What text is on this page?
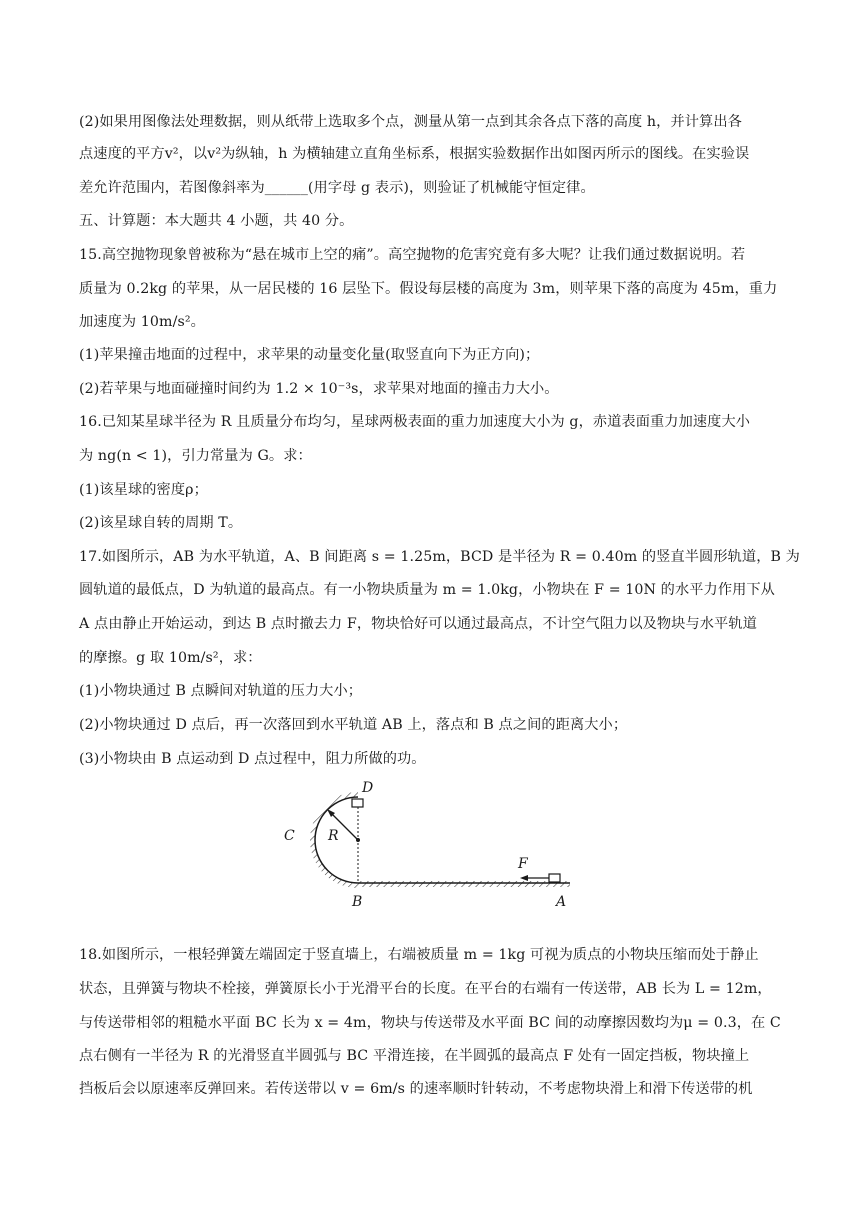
(2)如果用图像法处理数据，则从纸带上选取多个点，测量从第一点到其余各点下落的高度 h，并计算出各
点速度的平方v²，以v²为纵轴，h 为横轴建立直角坐标系，根据实验数据作出如图丙所示的图线。在实验误
差允许范围内，若图像斜率为______(用字母 g 表示)，则验证了机械能守恒定律。
五、计算题：本大题共 4 小题，共 40 分。
15.高空抛物现象曾被称为“悬在城市上空的痛”。高空抛物的危害究竟有多大呢？让我们通过数据说明。若
质量为 0.2kg 的苹果，从一居民楼的 16 层坠下。假设每层楼的高度为 3m，则苹果下落的高度为 45m，重力
加速度为 10m/s²。
(1)苹果撞击地面的过程中，求苹果的动量变化量(取竖直向下为正方向)；
(2)若苹果与地面碰撞时间约为 1.2 × 10⁻³s，求苹果对地面的撞击力大小。
16.已知某星球半径为 R 且质量分布均匀，星球两极表面的重力加速度大小为 g，赤道表面重力加速度大小
为 ng(n < 1)，引力常量为 G。求：
(1)该星球的密度ρ；
(2)该星球自转的周期 T。
17.如图所示，AB 为水平轨道，A、B 间距离 s = 1.25m，BCD 是半径为 R = 0.40m 的竖直半圆形轨道，B 为
圆轨道的最低点，D 为轨道的最高点。有一小物块质量为 m = 1.0kg，小物块在 F = 10N 的水平力作用下从
A 点由静止开始运动，到达 B 点时撤去力 F，物块恰好可以通过最高点，不计空气阻力以及物块与水平轨道
的摩擦。g 取 10m/s²，求：
(1)小物块通过 B 点瞬间对轨道的压力大小；
(2)小物块通过 D 点后，再一次落回到水平轨道 AB 上，落点和 B 点之间的距离大小；
(3)小物块由 B 点运动到 D 点过程中，阻力所做的功。
D
C R
F
B	A
18.如图所示，一根轻弹簧左端固定于竖直墙上，右端被质量 m = 1kg 可视为质点的小物块压缩而处于静止
状态，且弹簧与物块不栓接，弹簧原长小于光滑平台的长度。在平台的右端有一传送带，AB 长为 L = 12m，
与传送带相邻的粗糙水平面 BC 长为 x = 4m，物块与传送带及水平面 BC 间的动摩擦因数均为μ = 0.3，在 C
点右侧有一半径为 R 的光滑竖直半圆弧与 BC 平滑连接，在半圆弧的最高点 F 处有一固定挡板，物块撞上
挡板后会以原速率反弹回来。若传送带以 v = 6m/s 的速率顺时针转动，不考虑物块滑上和滑下传送带的机
